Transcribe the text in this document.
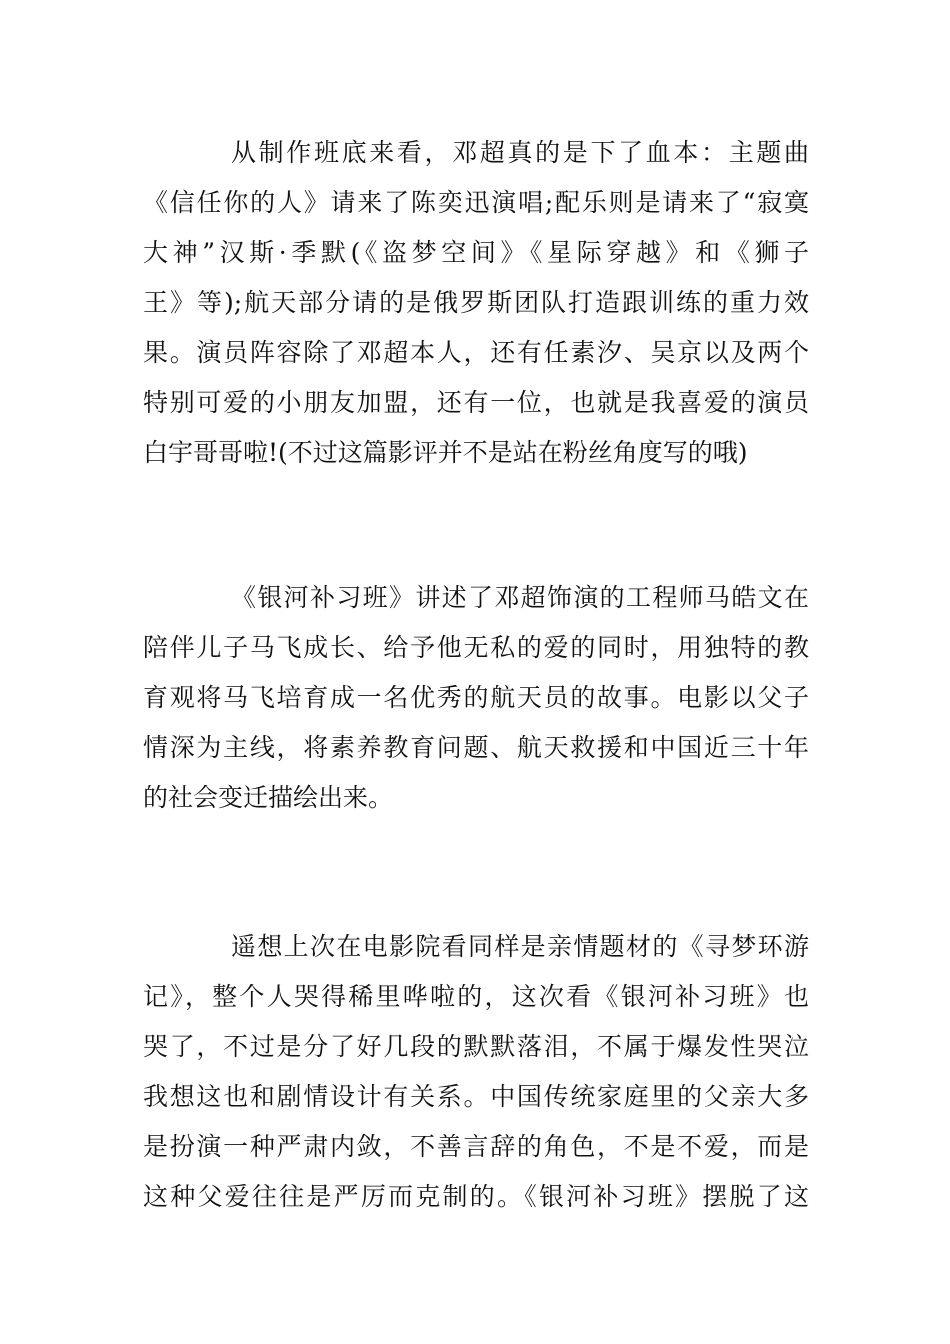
从制作班底来看，邓超真的是下了血本：主题曲
《信任你的人》请来了陈奕迅演唱;配乐则是请来了“寂寞
大神”汉斯·季默(《盗梦空间》《星际穿越》和《狮子
王》等);航天部分请的是俄罗斯团队打造跟训练的重力效
果。演员阵容除了邓超本人，还有任素汐、吴京以及两个
特别可爱的小朋友加盟，还有一位，也就是我喜爱的演员
白宇哥哥啦!(不过这篇影评并不是站在粉丝角度写的哦)
《银河补习班》讲述了邓超饰演的工程师马皓文在
陪伴儿子马飞成长、给予他无私的爱的同时，用独特的教
育观将马飞培育成一名优秀的航天员的故事。电影以父子
情深为主线，将素养教育问题、航天救援和中国近三十年
的社会变迁描绘出来。
遥想上次在电影院看同样是亲情题材的《寻梦环游
记》，整个人哭得稀里哗啦的，这次看《银河补习班》也
哭了，不过是分了好几段的默默落泪，不属于爆发性哭泣
我想这也和剧情设计有关系。中国传统家庭里的父亲大多
是扮演一种严肃内敛，不善言辞的角色，不是不爱，而是
这种父爱往往是严厉而克制的。《银河补习班》摆脱了这
